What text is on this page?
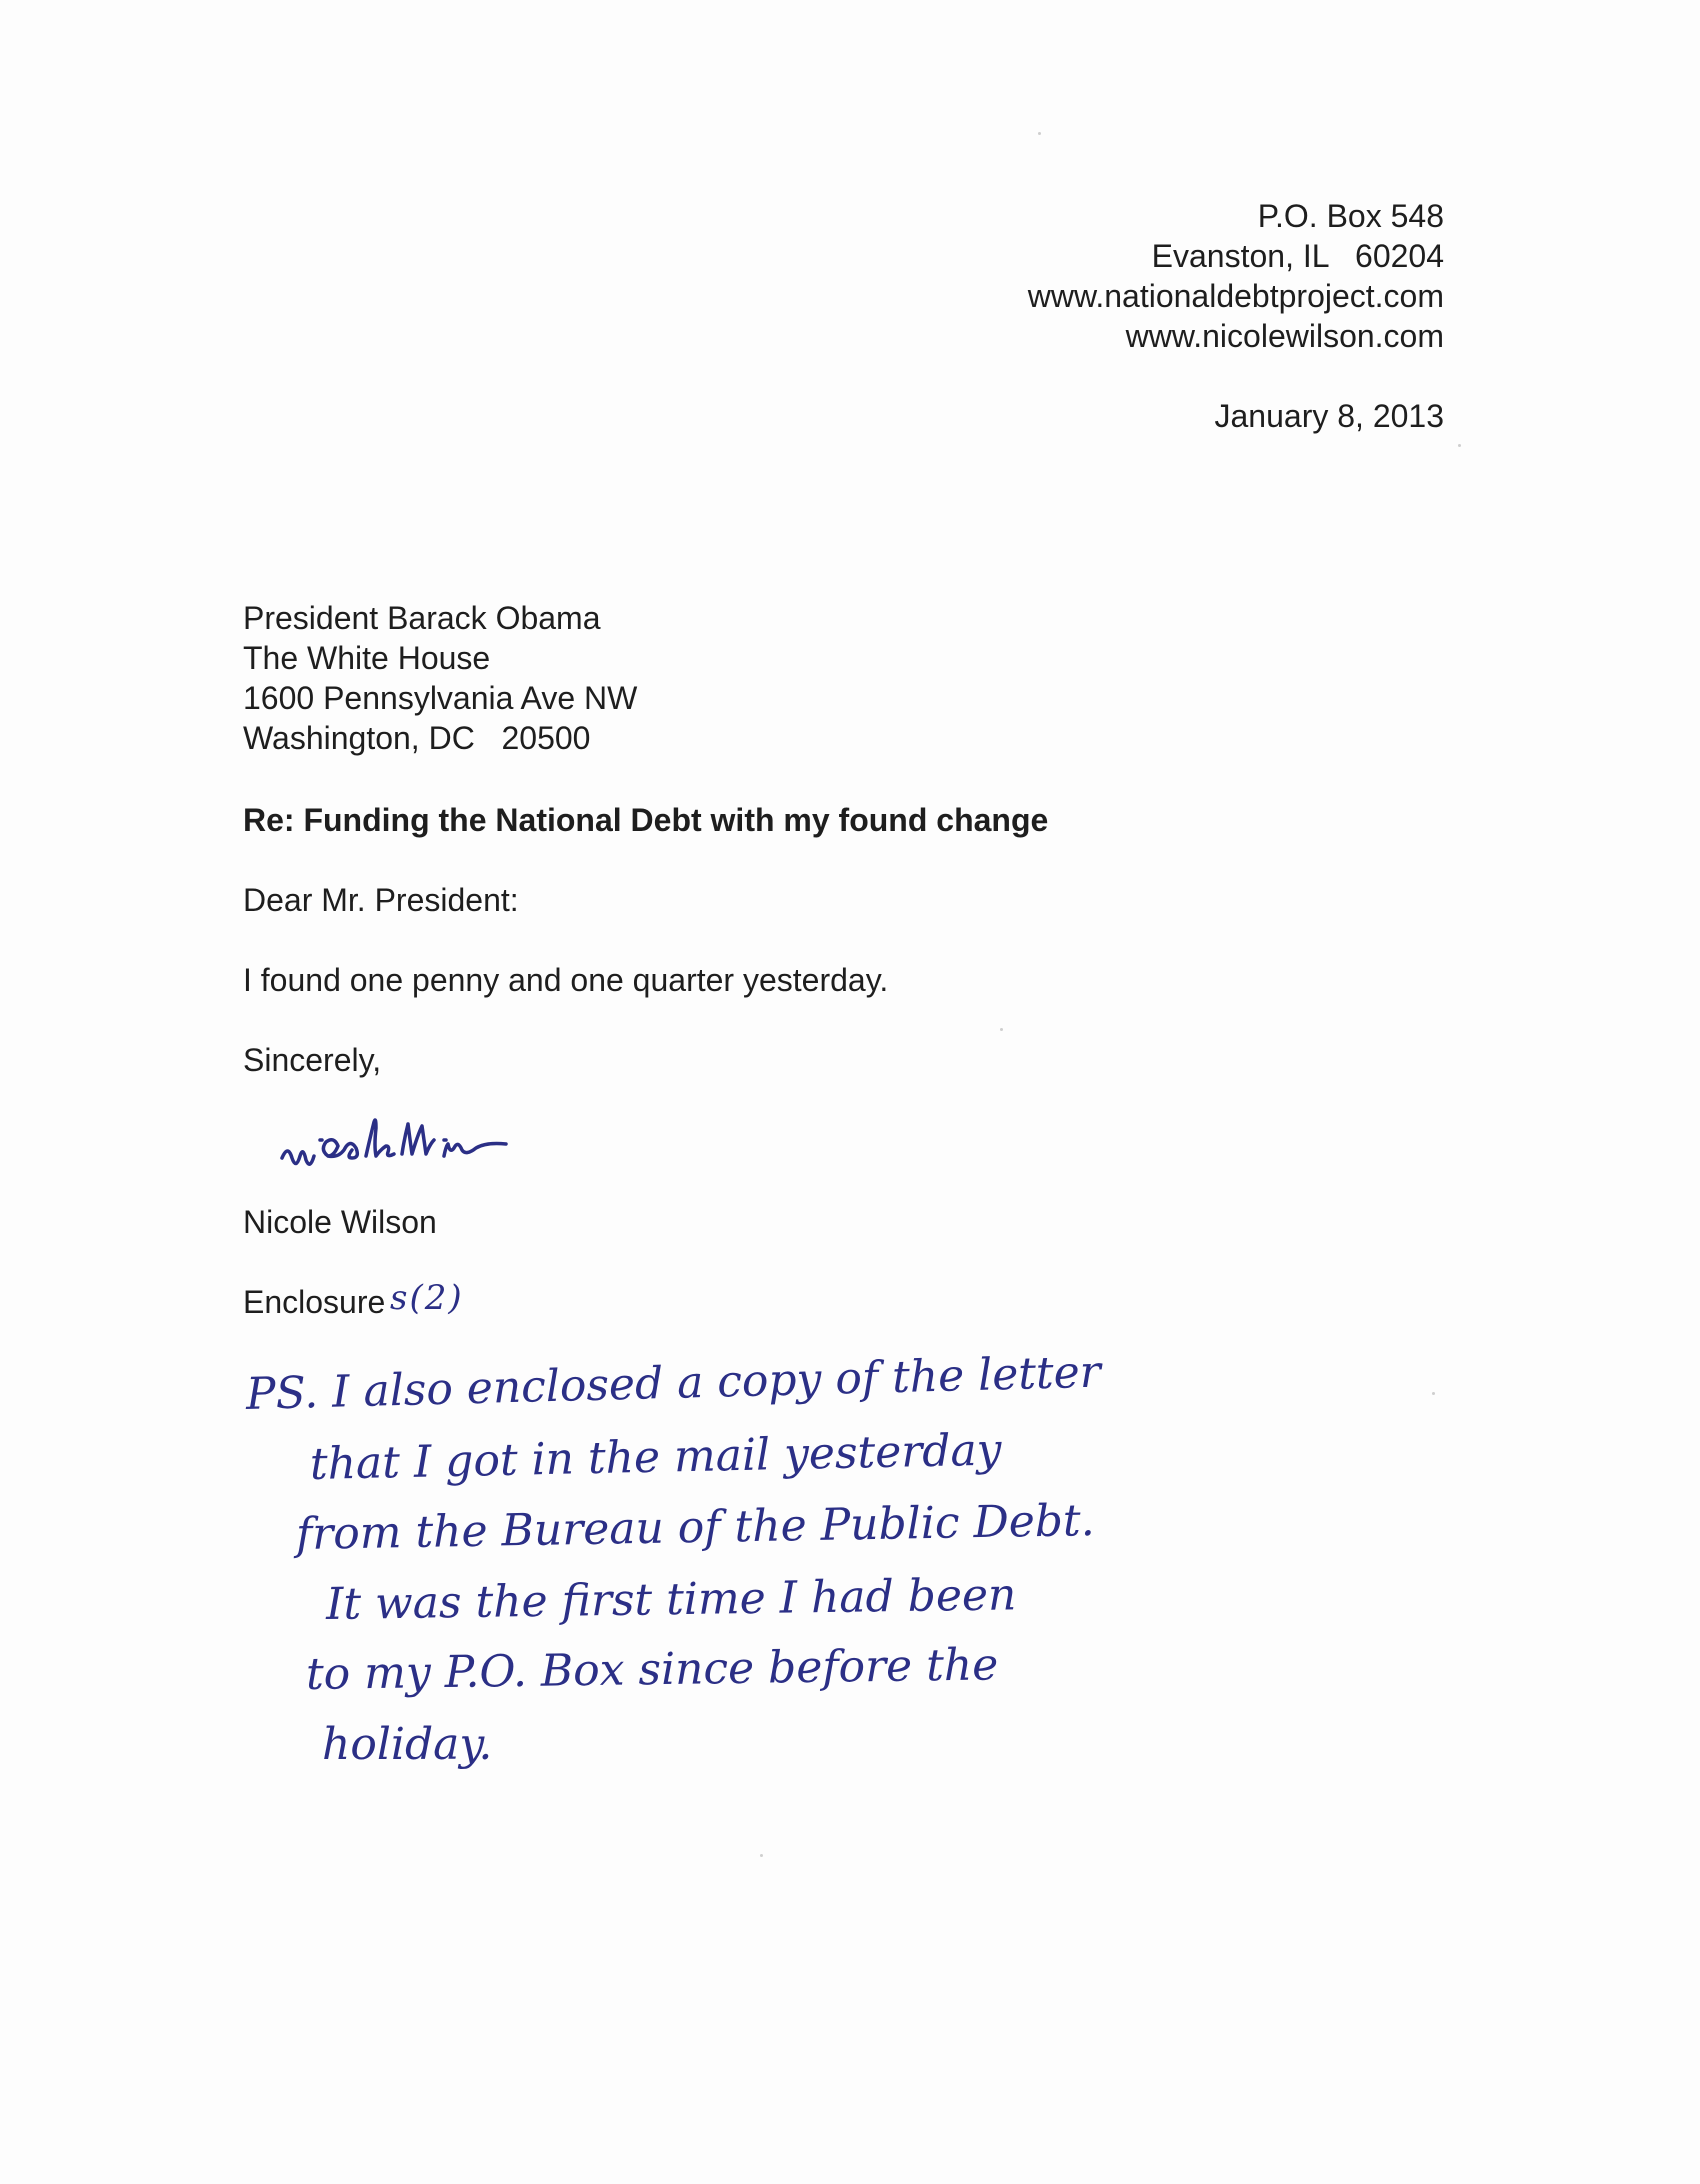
P.O. Box 548
Evanston, IL   60204
www.nationaldebtproject.com
www.nicolewilson.com
January 8, 2013
President Barack Obama
The White House
1600 Pennsylvania Ave NW
Washington, DC   20500
Re: Funding the National Debt with my found change
Dear Mr. President:
I found one penny and one quarter yesterday.
Sincerely,
Nicole Wilson
Enclosure s(2)
PS. I also enclosed a copy of the letter
that I got in the mail yesterday
from the Bureau of the Public Debt.
It was the first time I had been
to my P.O. Box since before the
holiday.
